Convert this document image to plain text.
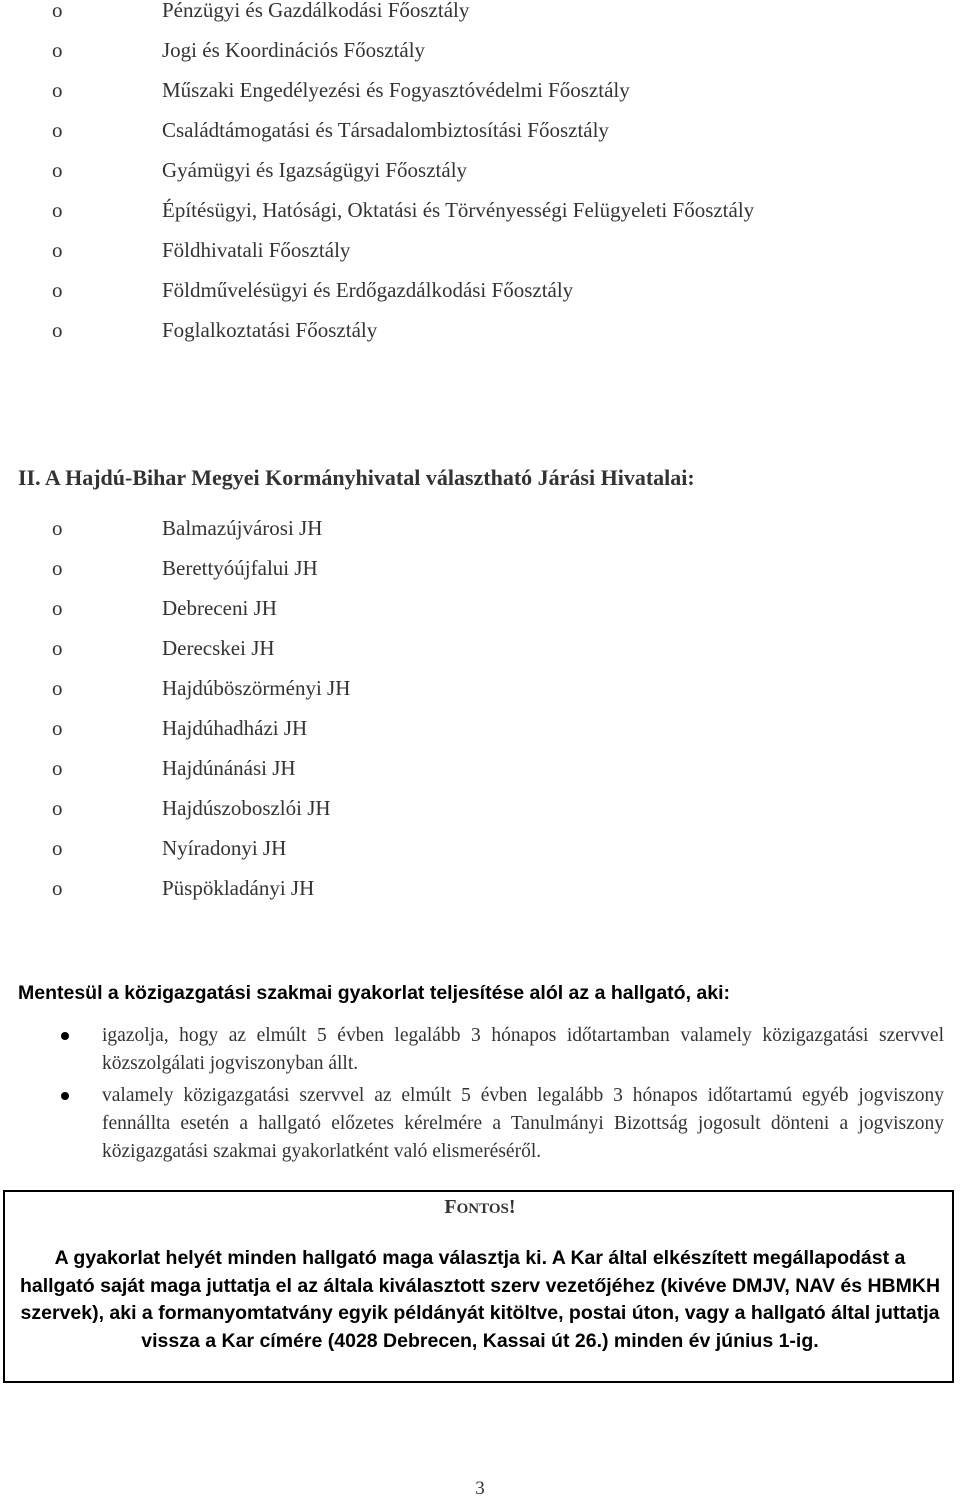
o	Pénzügyi és Gazdálkodási Főosztály
o	Jogi és Koordinációs Főosztály
o	Műszaki Engedélyezési és Fogyasztóvédelmi Főosztály
o	Családtámogatási és Társadalombiztosítási Főosztály
o	Gyámügyi és Igazságügyi Főosztály
o	Építésügyi, Hatósági, Oktatási és Törvényességi Felügyeleti Főosztály
o	Földhivatali Főosztály
o	Földművelésügyi és Erdőgazdálkodási Főosztály
o	Foglalkoztatási Főosztály
II. A Hajdú-Bihar Megyei Kormányhivatal választható Járási Hivatalai:
o	Balmazújvárosi JH
o	Berettyóújfalui JH
o	Debreceni JH
o	Derecskei JH
o	Hajdúböszörményi JH
o	Hajdúhadházi JH
o	Hajdúnánási JH
o	Hajdúszoboszlói JH
o	Nyíradonyi JH
o	Püspökladányi JH
Mentesül a közigazgatási szakmai gyakorlat teljesítése alól az a hallgató, aki:

igazolja, hogy az elmúlt 5 évben legalább 3 hónapos időtartamban valamely közigazgatási szervvel közszolgálati jogviszonyban állt.

valamely közigazgatási szervvel az elmúlt 5 évben legalább 3 hónapos időtartamú egyéb jogviszony fennállta esetén a hallgató előzetes kérelmére a Tanulmányi Bizottság jogosult dönteni a jogviszony közigazgatási szakmai gyakorlatként való elismeréséről.

FONTOS!

A gyakorlat helyét minden hallgató maga választja ki. A Kar által elkészített megállapodást a hallgató saját maga juttatja el az általa kiválasztott szerv vezetőjéhez (kivéve DMJV, NAV és HBMKH szervek), aki a formanyomtatvány egyik példányát kitöltve, postai úton, vagy a hallgató által juttatja vissza a Kar címére (4028 Debrecen, Kassai út 26.) minden év június 1-ig.

3
